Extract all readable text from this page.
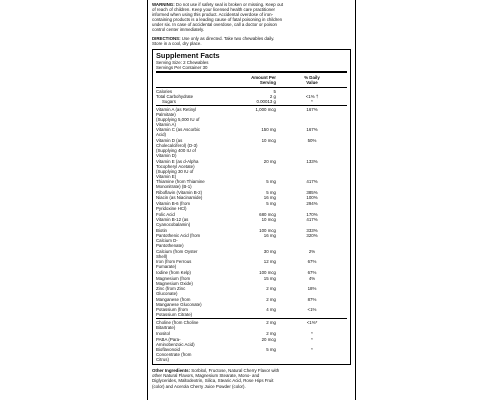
WARNING: Do not use if safety seal is broken or missing. Keep out
of reach of children. Keep your licensed health care practitioner
informed when using this product. Accidental overdose of iron-
containing products is a leading cause of fatal poisoning in children
under six. In case of accidental overdose, call a doctor or poison
control center immediately.
DIRECTIONS: Use only as directed. Take two chewables daily.
Store in a cool, dry place.
Supplement Facts
Serving Size: 2 Chewables
Servings Per Container 30
Amount Per
Serving
% Daily
Value
Calories	5
Total Carbohydrate	2 g	<1% †
Sugars	0.00013 g	*
Vitamin A (as Retinyl
Palmitate)
(Supplying 5,000 IU of
Vitamin A)
1,000 mcg	167%
Vitamin C (as Ascorbic
Acid)
150 mg	167%
Vitamin D (as
Cholecalciferol) (D-3)
(Supplying 400 IU of
Vitamin D)
10 mcg	50%
Vitamin E (as d-Alpha
Tocopheryl Acetate)
(Supplying 30 IU of
Vitamin E)
20 mg	133%
Thiamine (from Thiamine
Mononitrate) (B-1)
5 mg	417%
Riboflavin (Vitamin B-2)	5 mg	385%
Niacin (as Niacinamide)	16 mg	100%
Vitamin B-6 (from
Pyridoxine HCl)
5 mg	294%
Folic Acid	680 mcg	170%
Vitamin B-12 (as
Cyanocobalamin)
10 mcg	417%
Biotin	100 mcg	333%
Pantothenic Acid (from
Calcium D-
Pantothenate)
16 mg	320%
Calcium (from Oyster
Shell)
30 mg	2%
Iron (from Ferrous
Fumarate)
12 mg	67%
Iodine (from Kelp)	100 mcg	67%
Magnesium (from
Magnesium Oxide)
15 mg	4%
Zinc (from Zinc
Gluconate)
2 mg	18%
Manganese (from
Manganese Gluconate)
2 mg	87%
Potassium (from
Potassium Citrate)
4 mg	<1%
Choline (from Choline
Bitartrate)
2 mg	<1%*
Inositol	2 mg	*
PABA (Para-
Aminobenzoic Acid)
20 mcg	*
Bioflavonoid
Concentrate (from
Citrus)
5 mg	*
Other Ingredients: Sorbitol, Fructose, Natural Cherry Flavor with
other Natural Flavors, Magnesium Stearate, Mono- and
Diglycerides, Maltodextrin, Silica, Stearic Acid, Rose Hips Fruit
(color) and Acerola Cherry Juice Powder (color).
